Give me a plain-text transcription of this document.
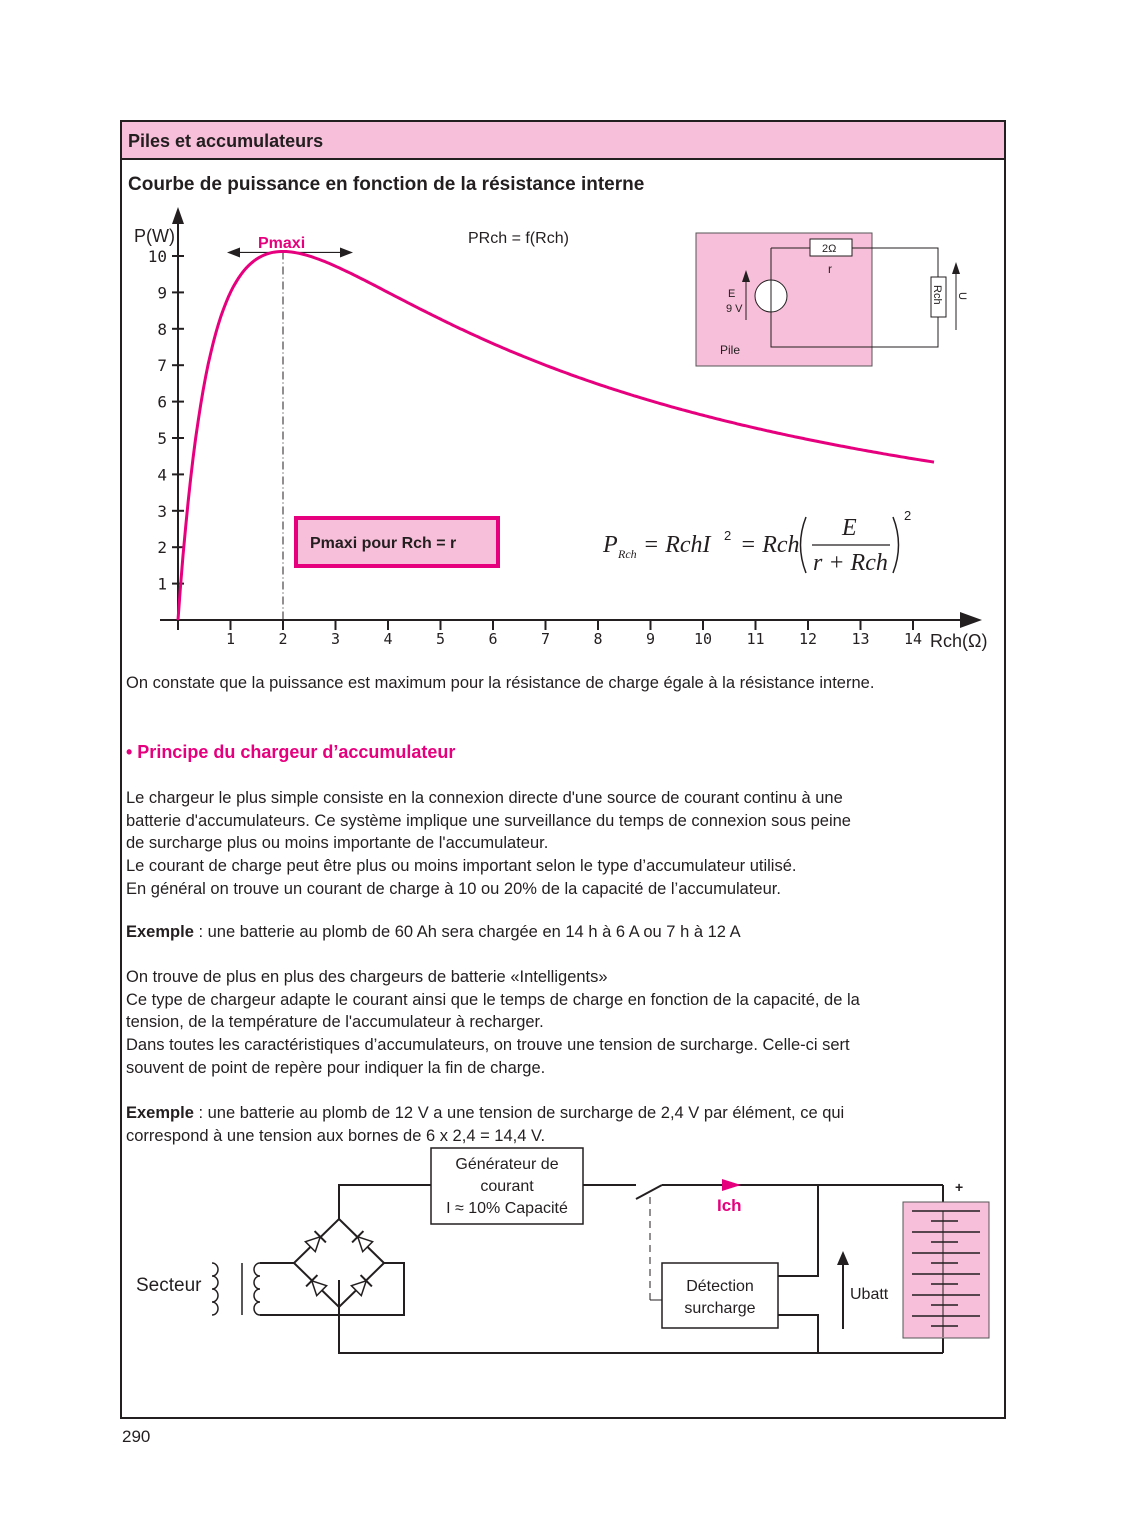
Piles et accumulateurs
Courbe de puissance en fonction de la résistance interne
1	2	3	4	5	6	7	8	9	10 11 12 13 14
1
2
3
4
5
6
7
8
9
10
P(W)
Rch(Ω)
PRch = f(Rch)
Pmaxi
Pmaxi pour Rch = r	P Rch = RchI 2 = Rch
E
r + Rch
2
2Ω
r
E
9 V
Pile
Rch U
On constate que la puissance est maximum pour la résistance de charge égale à la résistance interne.
• Principe du chargeur d’accumulateur

Le chargeur le plus simple consiste en la connexion directe d'une source de courant continu à une

batterie d'accumulateurs. Ce système implique une surveillance du temps de connexion sous peine

de surcharge plus ou moins importante de l'accumulateur.

Le courant de charge peut être plus ou moins important selon le type d’accumulateur utilisé.

En général on trouve un courant de charge à 10 ou 20% de la capacité de l’accumulateur.

Exemple : une batterie au plomb de 60 Ah sera chargée en 14 h à 6 A ou 7 h à 12 A

On trouve de plus en plus des chargeurs de batterie «Intelligents»

Ce type de chargeur adapte le courant ainsi que le temps de charge en fonction de la capacité, de la

tension, de la température de l'accumulateur à recharger.

Dans toutes les caractéristiques d’accumulateurs, on trouve une tension de surcharge. Celle-ci sert

souvent de point de repère pour indiquer la fin de charge.

Exemple : une batterie au plomb de 12 V a une tension de surcharge de 2,4 V par élément, ce qui

correspond à une tension aux bornes de 6 x 2,4 = 14,4 V.

Générateur de
courant
I ≈ 10% Capacité	Ich
Détection
surcharge
Ubatt
+
Secteur
290
